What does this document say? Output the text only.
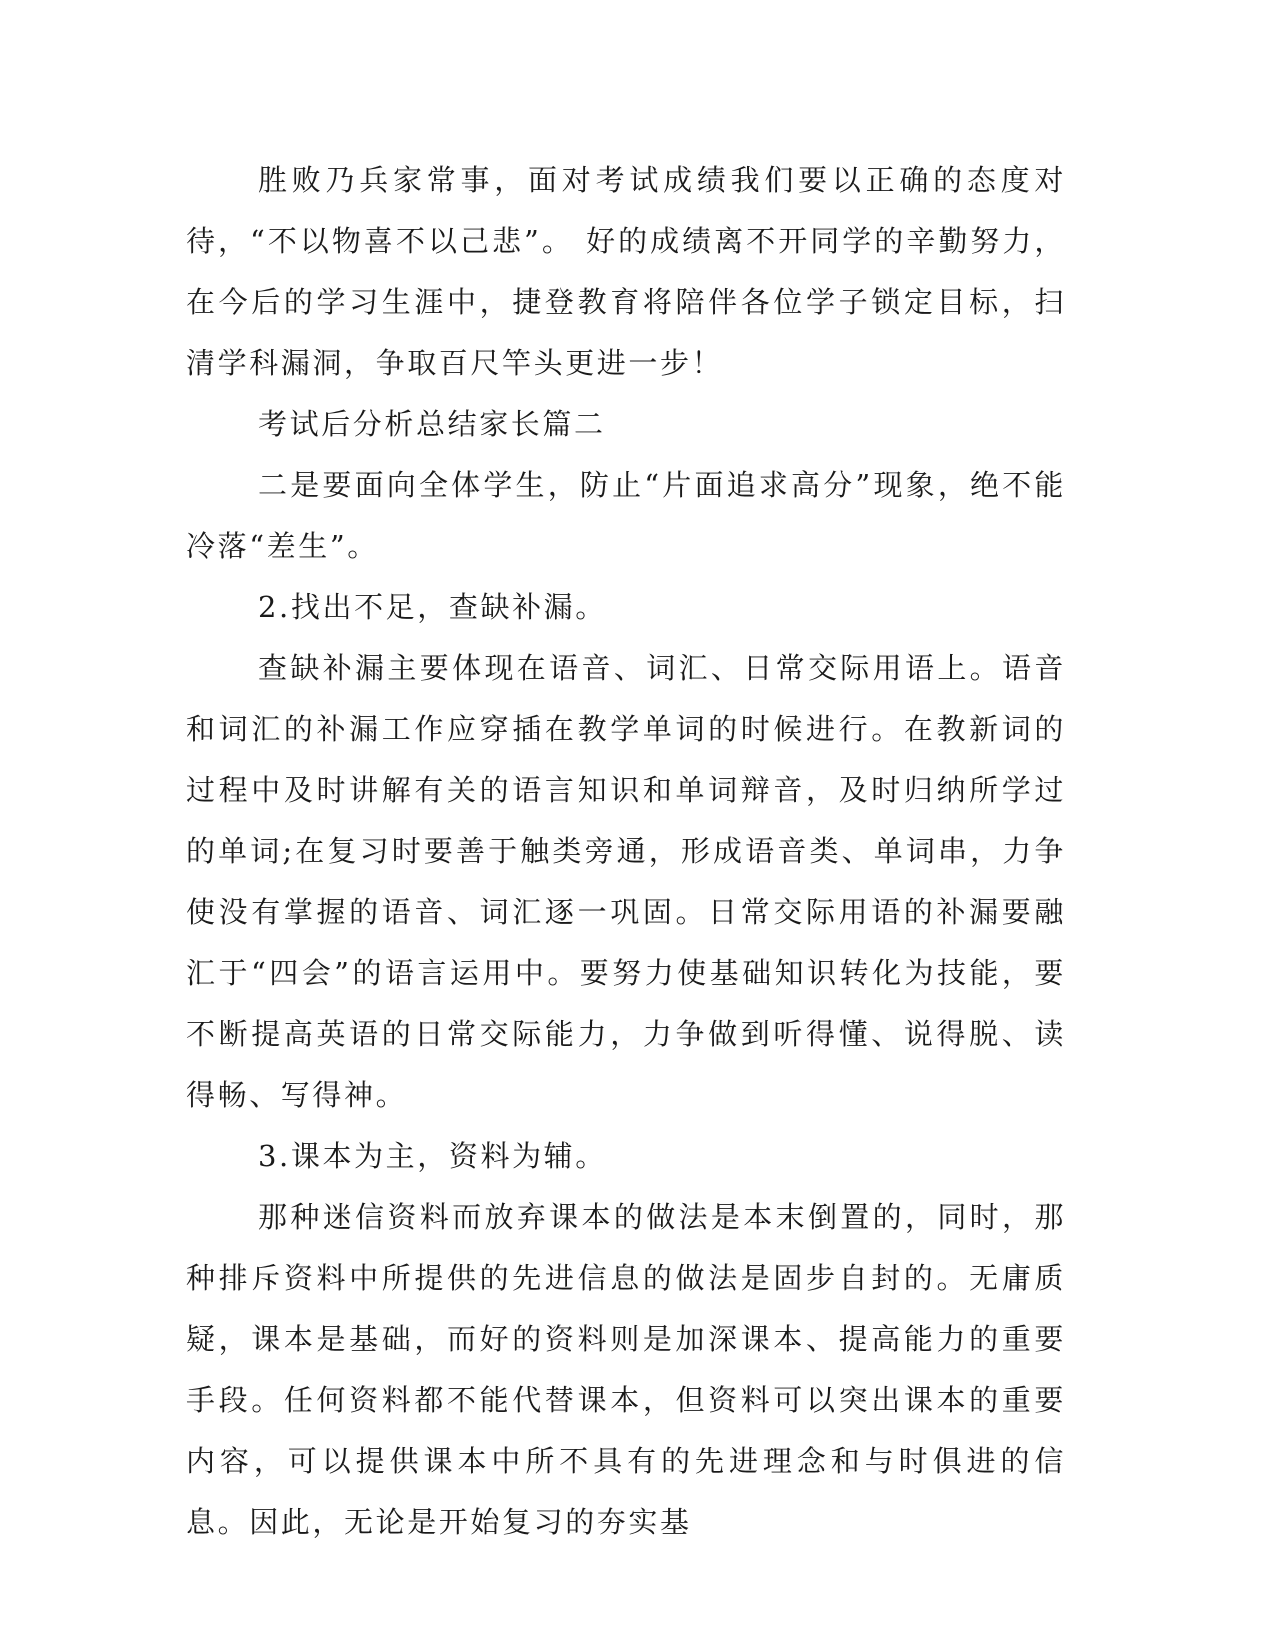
胜败乃兵家常事，面对考试成绩我们要以正确的态度对待，“不以物喜不以己悲”。 好的成绩离不开同学的辛勤努力，在今后的学习生涯中，捷登教育将陪伴各位学子锁定目标，扫清学科漏洞，争取百尺竿头更进一步！

考试后分析总结家长篇二

二是要面向全体学生，防止“片面追求高分”现象，绝不能冷落“差生”。

2.找出不足，查缺补漏。

查缺补漏主要体现在语音、词汇、日常交际用语上。语音和词汇的补漏工作应穿插在教学单词的时候进行。在教新词的过程中及时讲解有关的语言知识和单词辩音，及时归纳所学过的单词;在复习时要善于触类旁通，形成语音类、单词串，力争使没有掌握的语音、词汇逐一巩固。日常交际用语的补漏要融汇于“四会”的语言运用中。要努力使基础知识转化为技能，要不断提高英语的日常交际能力，力争做到听得懂、说得脱、读得畅、写得神。

3.课本为主，资料为辅。

那种迷信资料而放弃课本的做法是本末倒置的，同时，那种排斥资料中所提供的先进信息的做法是固步自封的。无庸质疑，课本是基础，而好的资料则是加深课本、提高能力的重要手段。任何资料都不能代替课本，但资料可以突出课本的重要内容，可以提供课本中所不具有的先进理念和与时俱进的信息。因此，无论是开始复习的夯实基
